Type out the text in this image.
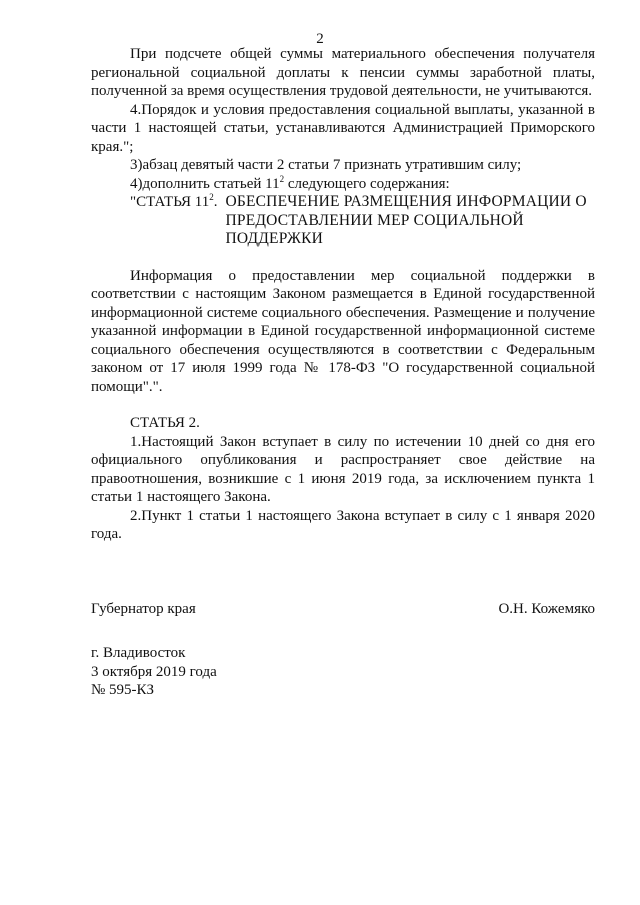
2

При подсчете общей суммы материального обеспечения получателя региональной социальной доплаты к пенсии суммы заработной платы, полученной за время осуществления трудовой деятельности, не учитываются.

4.Порядок и условия предоставления социальной выплаты, указанной в части 1 настоящей статьи, устанавливаются Администрацией Приморского края.";

3)абзац девятый части 2 статьи 7 признать утратившим силу;

4)дополнить статьей $11^2$ следующего содержания:

"СТАТЬЯ $11^2$. ОБЕСПЕЧЕНИЕ РАЗМЕЩЕНИЯ ИНФОРМАЦИИ О ПРЕДОСТАВЛЕНИИ МЕР СОЦИАЛЬНОЙ ПОДДЕРЖКИ

Информация о предоставлении мер социальной поддержки в соответствии с настоящим Законом размещается в Единой государственной информационной системе социального обеспечения. Размещение и получение указанной информации в Единой государственной информационной системе социального обеспечения осуществляются в соответствии с Федеральным законом от 17 июля 1999 года № 178-ФЗ "О государственной социальной помощи".".

СТАТЬЯ 2.

1.Настоящий Закон вступает в силу по истечении 10 дней со дня его официального опубликования и распространяет свое действие на правоотношения, возникшие с 1 июня 2019 года, за исключением пункта 1 статьи 1 настоящего Закона.

2.Пункт 1 статьи 1 настоящего Закона вступает в силу с 1 января 2020 года.

Губернатор края	О.Н. Кожемяко
г. Владивосток
3 октября 2019 года
№ 595-КЗ
